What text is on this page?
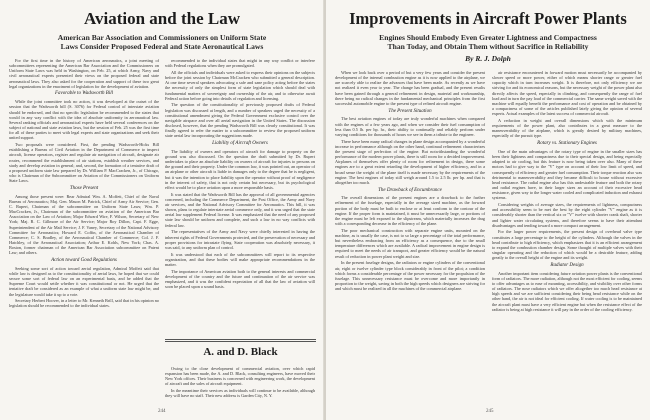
Aviation and the Law
American Bar Association and Commissioners on Uniform State
Laws Consider Proposed Federal and State Aeronautical Laws

For the first time in the history of American aeronautics, a joint meeting of subcommittees representing the American Bar Association and the Commissioners on Uniform State Laws was held in Washington, on Feb. 25, at which Army, Navy and civil aeronautical experts presented their views on the proposed federal and state aeronautical laws. They also asked for the cooperation and support of these two great legal organizations in the enactment of legislation for the development of aviation.

Favorable to Wadsworth Bill

While the joint committee took no action, it was developed at the outset of the session that the Wadsworth bill (S. 3076) for Federal control of interstate aviation should be endorsed, and that no specific legislation be recommended to the states that would in any way conflict with the idea of absolute uniformity in aeronautical law. Several ranking officials and aeronautical experts have held several conferences on the subject of national and state aviation laws, but the session of Feb. 25 was the first time for all of these parties to meet with legal experts and state organizations and seek their united support.

Two proposals were considered. First, the pending Wadsworth-Hicks Bill establishing a Bureau of Civil Aviation in the Department of Commerce to inspect aircraft, license operators, register and regulate air navigation of aircraft, designate air routes, recommend the establishment of air stations, establish weather services, and study and develop aviation in general; and, second, the formation of a tentative draft of a proposed uniform state law prepared by Dr. William P. MacCracken, Jr., of Chicago, who is Chairman of the Subcommittee on Aviation of the Commissioners on Uniform State Laws.

Those Present

Among those present were: Rear Admiral Wm. A. Moffett, Chief of the Naval Bureau of Aeronautics; Maj. Gen. Mason M. Patrick, Chief of Army Air Service; Gen. C. Rupert, Chairman of the subcommittee on Uniform State Laws; Wm. P. MacCracken, Jr., Chairman of the subcommittee on aviation of the American Bar Association on the Law of Aviation; Major Edward Wire, F. Wilson, Secretary of New York; Maj. R. C. Gillmore of the Air Service; Major Roy Dillon, Capt. F. Egge, Superintendent of the Air Mail Service; J. F. Vaney, Secretary of the National Advisory Committee for Aeronautics; Howard E. Coffin, of the Aeronautical Chamber of Commerce; C. S. Bradley, of the Aeronautical Chamber of Commerce; Col. J. F. Hatchley, of the Aeronautical Association; Arthur E. Kohls, New York; Chas. A. Boston, former chairman of the American Bar Association subcommittee on Patent Law; and others.

Action toward Good Regulations

Seeking some sort of action toward aerial regulation, Admiral Moffett said that while law is designed as to the constitutionality of aerial laws, he hoped that we could secure some sort of federal law on an experimental basis, and he added that the Supreme Court would settle whether it was constitutional or not. He urged that the tentative draft be considered as an example of what a uniform state law might be, and the legislature would take it up to a vote.

Secretary Herbert Hoover, in a letter to Mr. Kenneth Brill, said that in his opinion no legislation should be recommended to the individual states.

recommended to the individual states that might in any way conflict or interfere with Federal regulations when they are promulgated.

All the officials and individuals were asked to express their opinions on the subjects before the joint session by Chairman McCracken who submitted a general description. At one time several speakers advocating a safe and sane policy acting before the states the necessity of only the simplest form of state legislation which should deal with fundamental matters of sovereignty and ownership of the air, and to otherwise await Federal action before going into details of regulation and licensing.

The question of the constitutionality of previously proposed drafts of Federal legislation was discussed at length, and a number of speakers urged the necessity of a constitutional amendment giving the Federal Government exclusive control over the navigable airspace and over all aerial navigation in the United States. The discussion disclosed, however, that the pending Wadsworth Bill was clearly constitutional. It was finally agreed to refer the matter to a subcommittee to review the proposed uniform state aerial law incorporating the suggestions made.

Liability of Aircraft Owners

The liability of owners and operators of aircraft for damage to property on the ground was also discussed. On the question the draft submitted by Dr. Rupert undertakes to place an absolute liability on owners of aircraft for injuries to persons on the ground and their property. Under the common law, it was pointed out, an operator of an airplane or other aircraft is liable in damages only to the degree that he is negligent, but it was the intention to place liability upon the operator without proof of negligence in the interest of safety, that is not only certain but necessary, but its psychological effect would be to place aviation upon a more responsible basis.

It was stated that the Wadsworth Bill has the approval of all governmental agencies concerned, including the Commerce Department, the Post Office, the Army and Navy air services, and the National Advisory Committee for Aeronautics. This bill, it was shown, plans to regulate interstate aerial commerce only, and it was urged that the state aerial law supplement Federal license. It was emphasized that the need of any proposed state law should be uniform and complete, and such a law in no way conflicts with federal law.

The representatives of the Army and Navy were chiefly interested in having the inherent rights of Federal Governments protected, and the preservation of necessary and proper provisions for intrastate flying. State cooperation was absolutely necessary, it was said, to any uniform plan of control.

It was understood that each of the subcommittees will report to its respective organization, and that these bodies will make appropriate recommendations in the matter.

The importance of American aviation both to the general interests and commercial development of the country and the future and continuation of the air service was emphasized, and it was the confident expectation of all that the law of aviation will soon be placed upon a sound basis.

A. and D. Black

Owing to the close development of commercial aviation, over which rapid expansion has been made, the A. and D. Black, consulting engineers, have moved their New York offices. Their business is concerned with engineering work, the development of aircraft and the sales of aircraft equipment.

In the meantime their services as individuals will continue to be available, although they will have no staff. Their new address is Garden City, N. Y.

244
Improvements in Aircraft Power Plants
Engines Should Embody Even Greater Lightness and Compactness
Than Today, and Obtain Them without Sacrifice in Reliability
By R. J. Dolph

When we look back over a period of but a very few years and consider the present development of the internal combustion engine as it is now applied to the airplane, we are scarcely able to realize the advances that have been made. As recently as we have not realized it even year to year. The change has been gradual, and the present results have been gained through a general refinement in design, material and workmanship, there being no radical changes in the fundamental mechanical principles from the first successful automobile engine to the present type of refined aircraft engine.

The Present Situation

The best aviation engines of today are truly wonderful machines when compared with the engines of a few years ago, and when we consider their fuel consumption of less than 0.5 lb. per hp. hr., their ability to continually and reliably perform under varying conditions for thousands of hours we see in them a tribute to the engineer.

There have been many radical changes in plane design accompanied by a wonderful increase in performance although on the other hand, continual refinement characterizes the present stage of perfection of the engine. But notwithstanding the wonderful performance of the modern power plants, there is still room for a decided improvement. Airplanes of themselves offer plenty of room for refinement in design, there some engines are to a great extent retarding the development of higher efficiency, and in a broad sense the weight of the plane itself is made necessary by the requirements of the engine. The best engines of today still weigh around 1.5 to 2.5 lb. per hp. and that is altogether too much.

The Drawback of Encumbrance

The overall dimensions of the present engines are a drawback to the further refinement of the fuselage, especially in the average sized machine, as the forward portion of the body must be built to enclose or at least conform to the contour of the engine. If the proper form is maintained, it must be unnecessarily large, or portions of the engine must be left exposed to the slipstream, which materially increases the drag with a corresponding decrease in the efficiency of the plane.

The poor mechanical construction with separate engine units, mounted on the machine, as is usually the case, is not to so large a percentage of the total performance, but nevertheless embracing from an efficiency as a consequence, due to the small temperature differences which are available. A radical improvement in engine design is required to meet the needs of air transport, and greater efficiency would be the natural result of reduction in power plant weight and size.

In the present fuselage designs, the radiators or engine cylinders of the conventional air, eight or twelve cylinder type block considerably in front of the pilot; a condition which forms a considerable percentage of the power necessary for the propulsion of the fuselage. This unnecessary resistance must be overcome and more importantly in proportion to the weight, saving in both the high speeds which designers are striving for and which must be realized in all the machines of the commercial airplane.

air resistance encountered in forward motion must necessarily be accompanied by slower speed or more power, either of which means shorter range or greater fuel capacity which in turn increases weight. It is therefore, not only efficiency we are striving for and its economical reasons, but the necessary weight of the power plant also directly affects the speed, especially in climbing, and consequently the range of fuel load and in turn the pay load of the commercial carrier. The same weight saved with the machine will equally benefit the performance and cost of operation and be obtained by a compactness of some of the articles published lately giving the opinion of several experts. Actual examples of the latest success of commercial aircraft.

A reduction in weight and overall dimensions which with the minimum requirements of the power plant, also contributes in a great measure to the maneuverability of the airplane, which is greatly desired by military machines, especially of the pursuit type.

Rotary vs. Stationary Engines

One of the main advantages of the rotary type of engine in the smaller sizes has been their lightness and compactness due to their special design, and being especially adapted to air cooling, but this feature is now being taken over also. Many of these motors had to give way to the "V" type on account of their low limit of speed, and consequently of efficiency and greater fuel consumption. Their torque reaction also was detrimental to maneuverability and they became difficult to house without excessive head resistance. The radial engine also has this undesirable feature and both the rotary and radial engines have, in their larger sizes an account of their excessive head resistance, given way to the longer water cooled and complicated induction and exhaust systems.

Considering weights of average sizes, the requirements of lightness, compactness and accessibility seem to be met the best by the eight cylinder "V" engine as it is considerably shorter than the vertical six or "V" twelve with shorter crank shaft, shorter and lighter water circulating systems, and therefore seems to have their attendant disadvantages and tending toward a more compact arrangement.

For the larger power requirements, the present design of overhead valve type constitutes a large percentage to the height of the cylinders. Although the valves in the head contribute to high efficiency, which emphasizes that it is an efficient arrangement to expand the combustion chamber design. Some thought of multiple valves with their singular operating and the reduction of which would be a desirable feature, adding greatly to the overall height of the engine and its weight.

Radiator Design

Another important item considering future aviation power plants is the conventional form of radiators. The more radiation, although not the most efficient for cooling, seems to offer advantages as to ease of mounting, accessibility, and visibility over other forms of radiators. The nose radiators which we offer altogether too much head resistance at high speeds and we are sufficient considering their being head resistance while on the other hand, the air is not ideal for efficient cooling. If water cooling is to be maintained the aircraft plant must have a very efficient engine but when the resistance effect of the radiator is being at high resistance it will pay in the order of the cooling efficiency.

245
